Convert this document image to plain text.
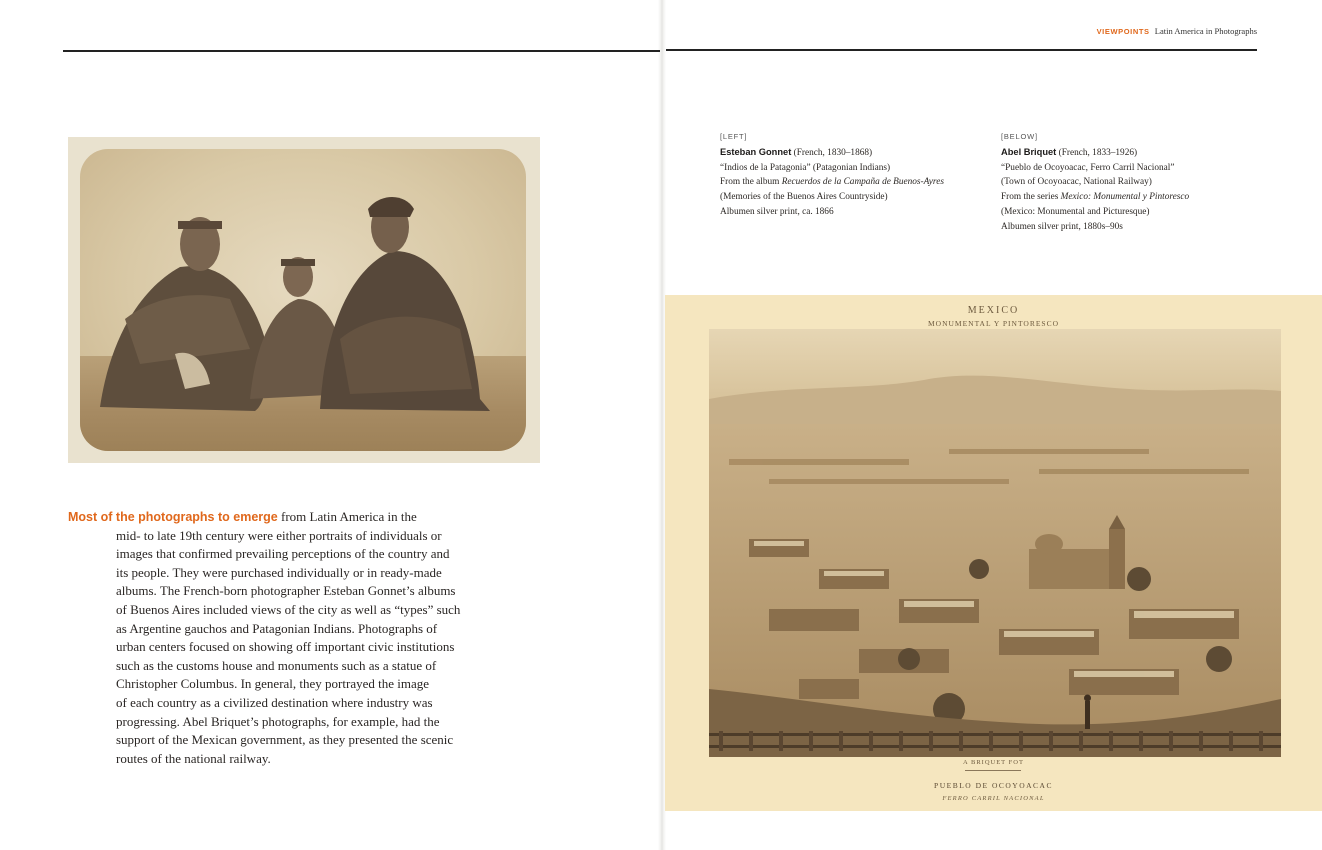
VIEWPOINTS Latin America in Photographs
[LEFT]
Esteban Gonnet (French, 1830–1868)
“Indios de la Patagonia” (Patagonian Indians)
From the album Recuerdos de la Campaña de Buenos-Ayres
(Memories of the Buenos Aires Countryside)
Albumen silver print, ca. 1866
[BELOW]
Abel Briquet (French, 1833–1926)
“Pueblo de Ocoyoacac, Ferro Carril Nacional”
(Town of Ocoyoacac, National Railway)
From the series Mexico: Monumental y Pintoresco
(Mexico: Monumental and Picturesque)
Albumen silver print, 1880s–90s
MEXICO
MONUMENTAL Y PINTORESCO
A BRIQUET FOT
PUEBLO DE OCOYOACAC
FERRO CARRIL NACIONAL
Most of the photographs to emerge from Latin America in the
mid- to late 19th century were either portraits of individuals or
images that confirmed prevailing perceptions of the country and
its people. They were purchased individually or in ready-made
albums. The French-born photographer Esteban Gonnet’s albums
of Buenos Aires included views of the city as well as “types” such
as Argentine gauchos and Patagonian Indians. Photographs of
urban centers focused on showing off important civic institutions
such as the customs house and monuments such as a statue of
Christopher Columbus. In general, they portrayed the image
of each country as a civilized destination where industry was
progressing. Abel Briquet’s photographs, for example, had the
support of the Mexican government, as they presented the scenic
routes of the national railway.
